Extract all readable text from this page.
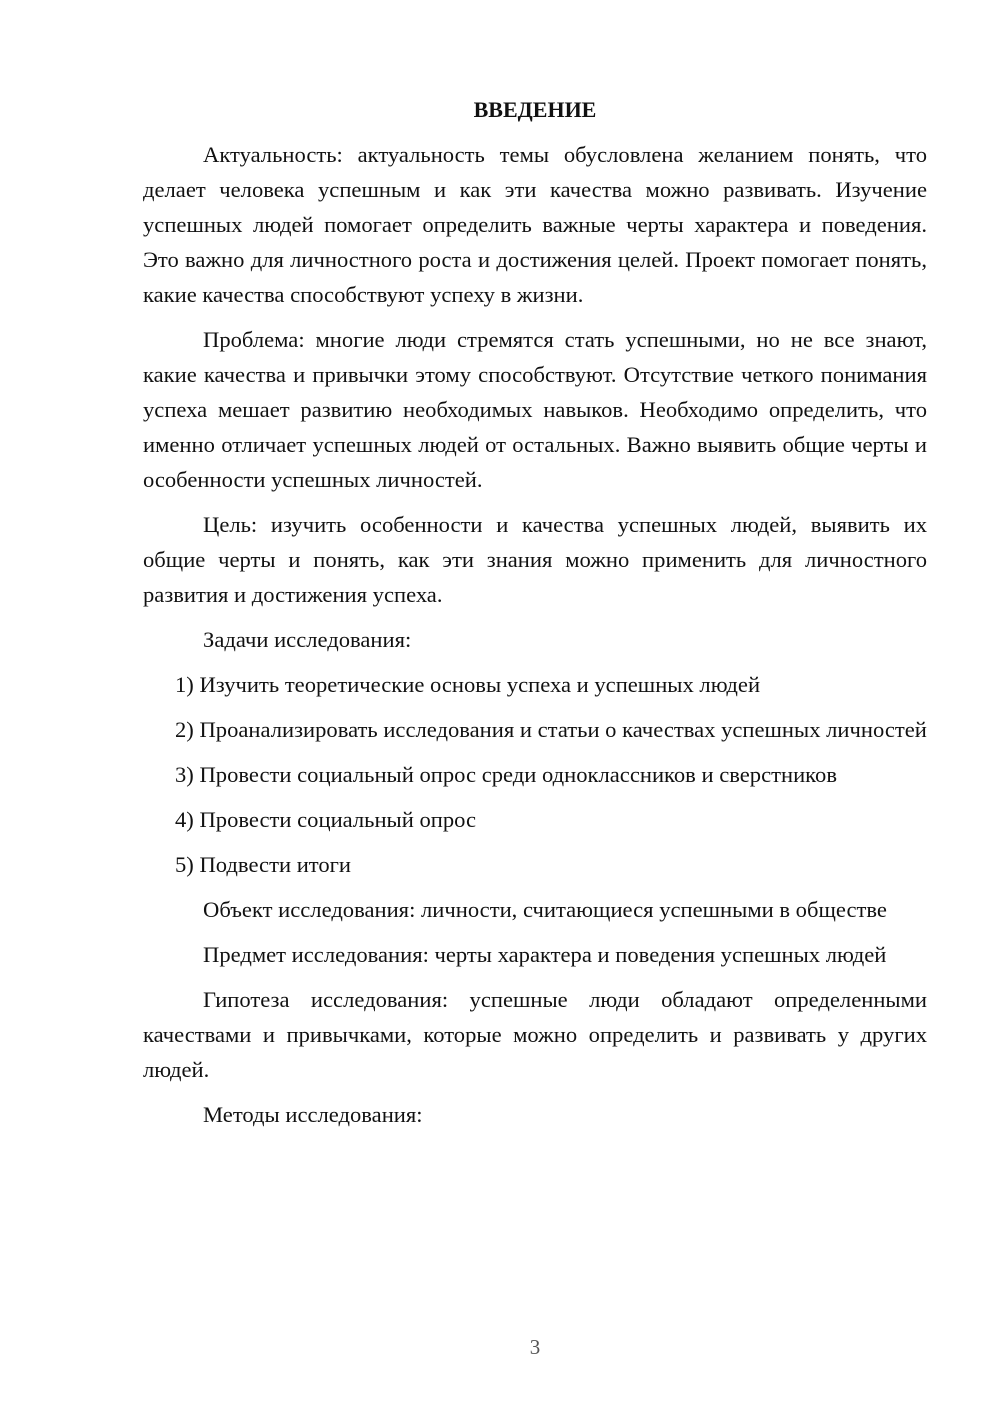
ВВЕДЕНИЕ

Актуальность: актуальность темы обусловлена желанием понять, что делает человека успешным и как эти качества можно развивать. Изучение успешных людей помогает определить важные черты характера и поведения. Это важно для личностного роста и достижения целей. Проект помогает понять, какие качества способствуют успеху в жизни.

Проблема: многие люди стремятся стать успешными, но не все знают, какие качества и привычки этому способствуют. Отсутствие четкого понимания успеха мешает развитию необходимых навыков. Необходимо определить, что именно отличает успешных людей от остальных. Важно выявить общие черты и особенности успешных личностей.

Цель: изучить особенности и качества успешных людей, выявить их общие черты и понять, как эти знания можно применить для личностного развития и достижения успеха.

Задачи исследования:

1) Изучить теоретические основы успеха и успешных людей

2) Проанализировать исследования и статьи о качествах успешных личностей

3) Провести социальный опрос среди одноклассников и сверстников

4) Провести социальный опрос

5) Подвести итоги

Объект исследования: личности, считающиеся успешными в обществе

Предмет исследования: черты характера и поведения успешных людей

Гипотеза исследования: успешные люди обладают определенными качествами и привычками, которые можно определить и развивать у других людей.

Методы исследования:

3
